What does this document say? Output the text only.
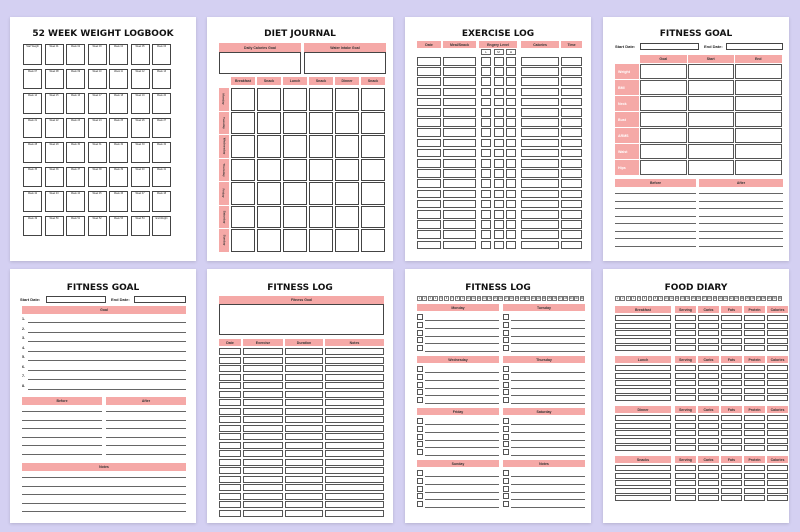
52 WEEK WEIGHT LOGBOOK
Start Weight	Week 01	Week 02	Week 03	Week 04	Week 05	Week 06
Week 07	Week 08	Week 09	Week 10	Week 11	Week 12	Week 13
Week 14	Week 15	Week 16	Week 17	Week 18	Week 19	Week 20
Week 21	Week 22	Week 23	Week 24	Week 25	Week 26	Week 27
Week 28	Week 29	Week 30	Week 31	Week 32	Week 33	Week 34
Week 35	Week 36	Week 37	Week 38	Week 39	Week 40	Week 41
Week 42	Week 43	Week 44	Week 45	Week 46	Week 47	Week 48
Week 49	Week 50	Week 51	Week 52	Week 53	Week 54	End Weight
DIET JOURNAL
Daily Calories Goal	Water Intake Goal
Breakfast	Snack	Lunch	Snack	Dinner	Snack
Monday
Tuesday
Wednesday
Thursday
Friday
Saturday
Sunday
EXERCISE LOG
Date	Meal/Snack	Engery Level	Calories	Time
L	M	H
FITNESS GOAL
Start Date:	End Date:
Goal	Start	End
Weight
BMI
Neck
Bust
ARMS
Waist
Hips
Before	After
FITNESS GOAL
Start Date:	End Date:
Goal
1.
2.
3.
4.
5.
6.
7.
8.
Before	After
Notes
FITNESS LOG
Fitness Goal
Date	Exercise	Duration	Notes
FITNESS LOG
1	2	3	4	5	6	7	8	9	10	11	12	13	14	15	16	17	18	19	20	21	22	23	24	25	26	27	28	29	30	31
Monday	Tuesday
Wednesday	Thursday
Friday	Saturday
Sunday	Notes
FOOD DIARY
1	2	3	4	5	6	7	8	9	10	11	12	13	14	15	16	17	18	19	20	21	22	23	24	25	26	27	28	29	30	31
Breakfast	Serving	Carbs	Fats	Protein	Calories
Lunch	Serving	Carbs	Fats	Protein	Calories
Dinner	Serving	Carbs	Fats	Protein	Calories
Snacks	Serving	Carbs	Fats	Protein	Calories
